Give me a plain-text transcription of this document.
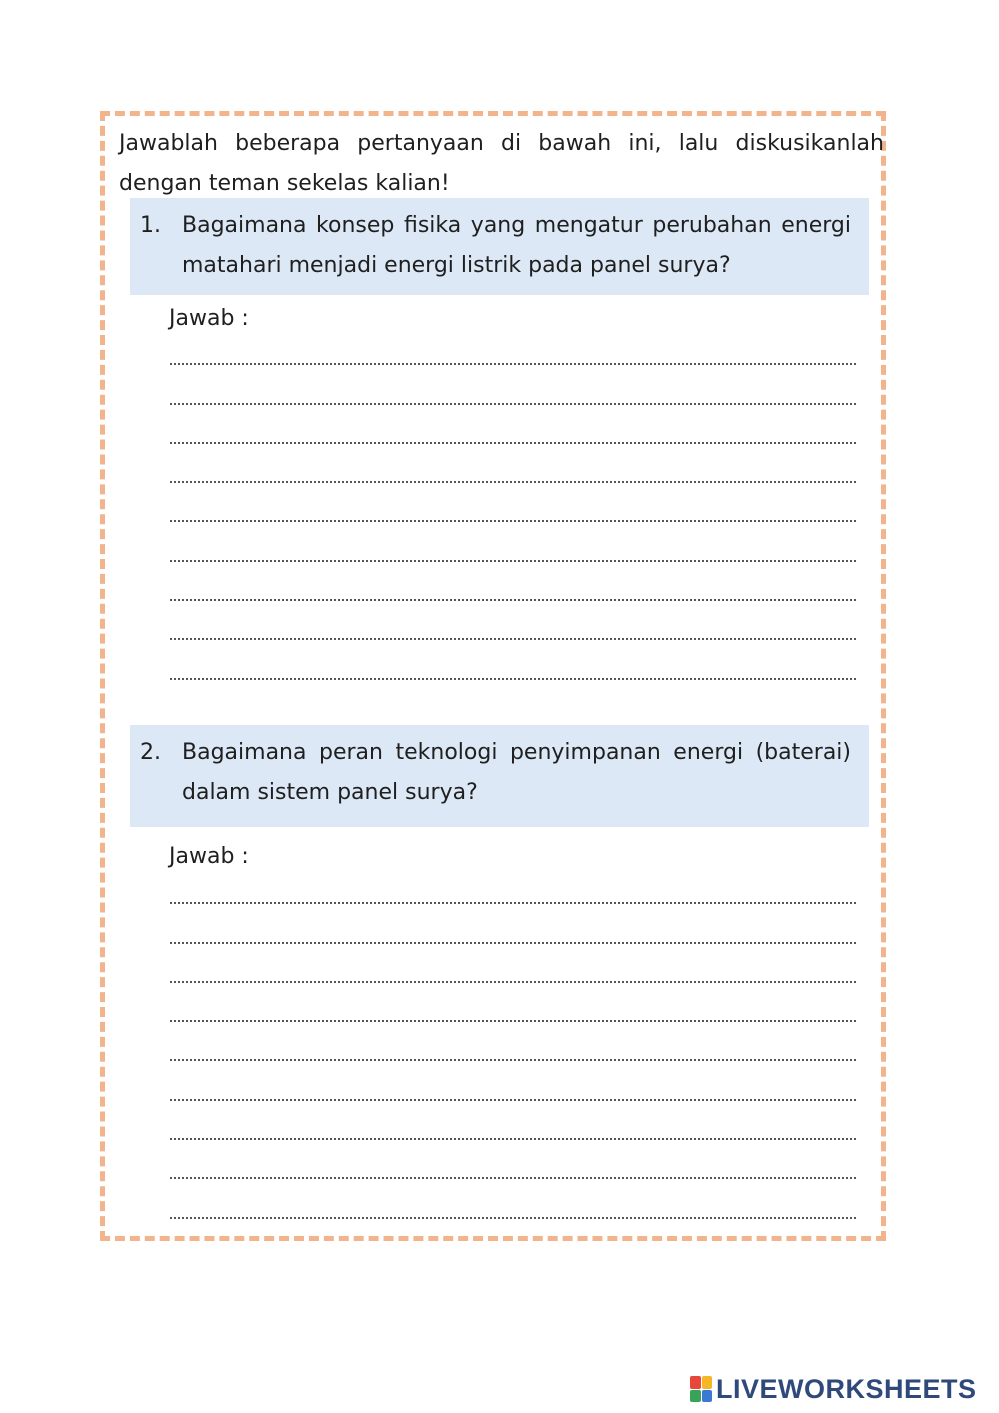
Jawablah beberapa pertanyaan di bawah ini, lalu diskusikanlah dengan teman sekelas kalian!
1. Bagaimana konsep fisika yang mengatur perubahan energi matahari menjadi energi listrik pada panel surya?
Jawab :
2. Bagaimana peran teknologi penyimpanan energi (baterai) dalam sistem panel surya?
Jawab :
LIVEWORKSHEETS
